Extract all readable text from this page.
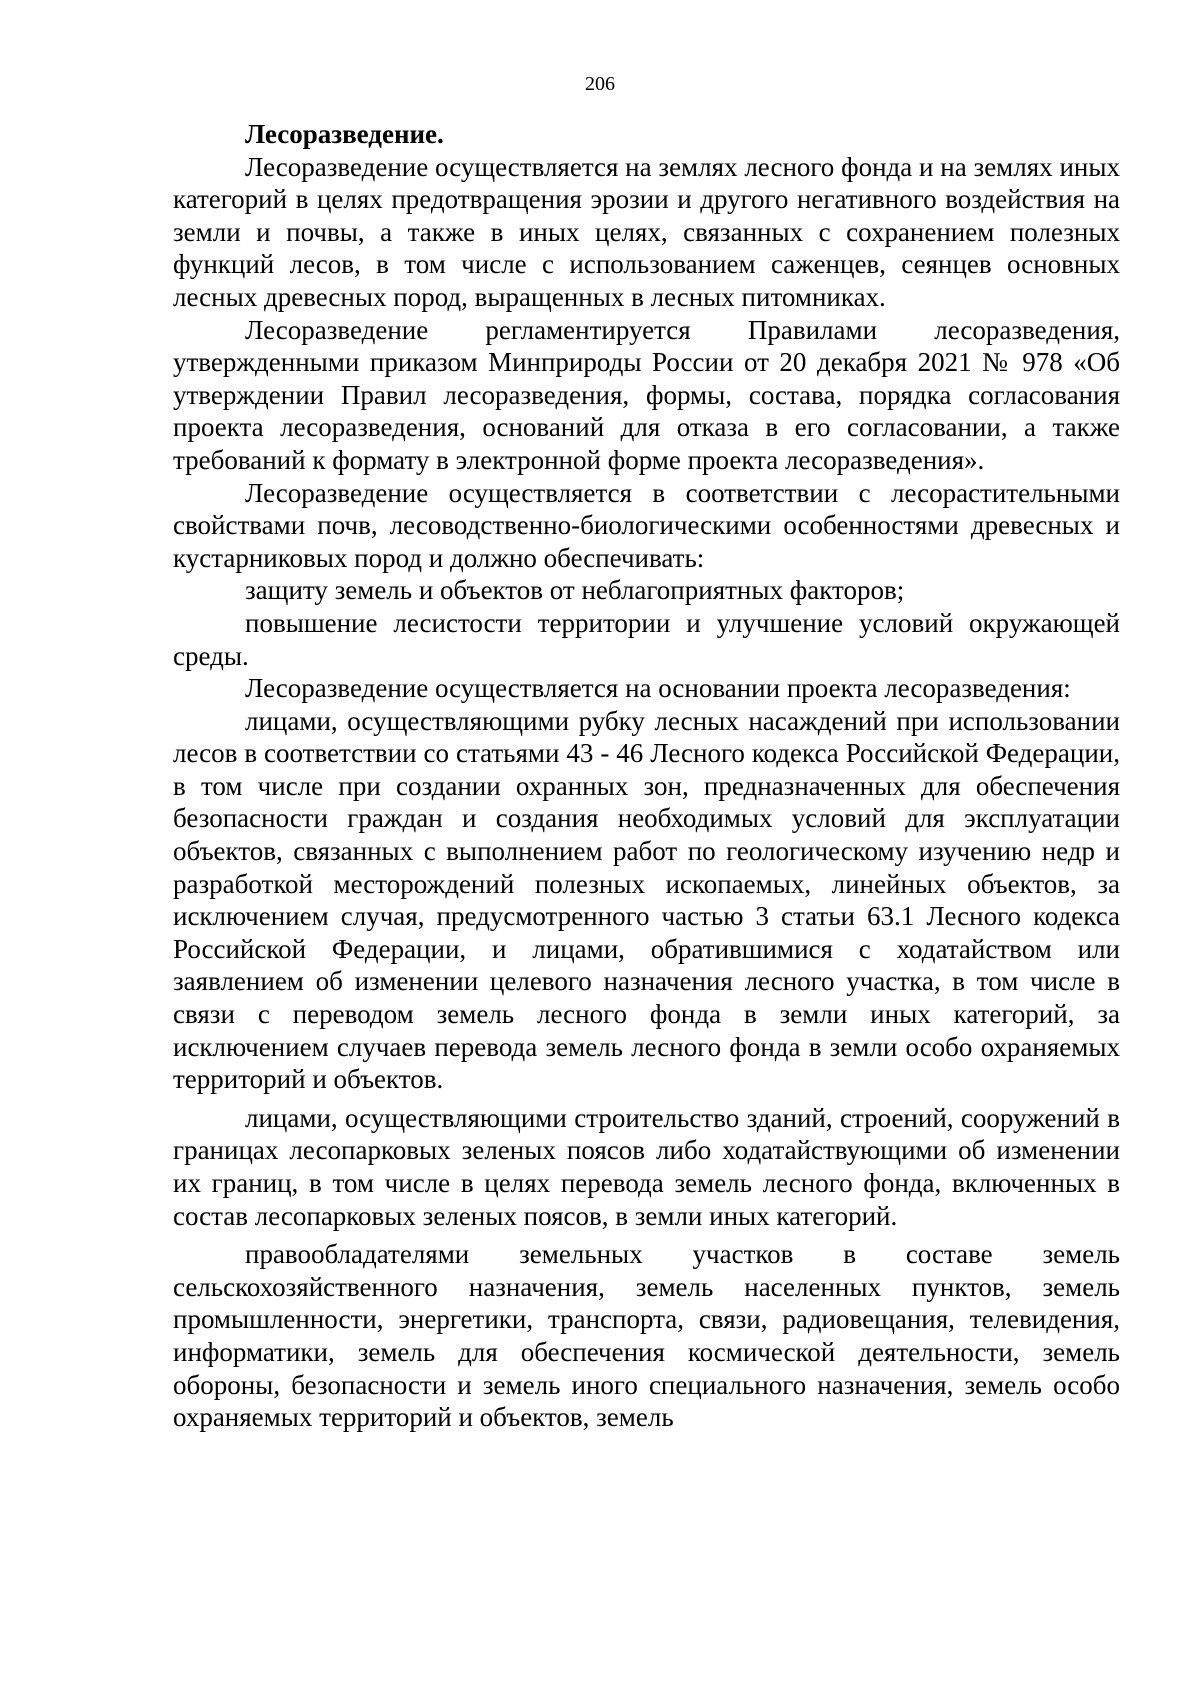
206

Лесоразведение.

Лесоразведение осуществляется на землях лесного фонда и на землях иных категорий в целях предотвращения эрозии и другого негативного воздействия на земли и почвы, а также в иных целях, связанных с сохранением полезных функций лесов, в том числе с использованием саженцев, сеянцев основных лесных древесных пород, выращенных в лесных питомниках.

Лесоразведение регламентируется Правилами лесоразведения, утвержденными приказом Минприроды России от 20 декабря 2021 № 978 «Об утверждении Правил лесоразведения, формы, состава, порядка согласования проекта лесоразведения, оснований для отказа в его согласовании, а также требований к формату в электронной форме проекта лесоразведения».

Лесоразведение осуществляется в соответствии с лесорастительными свойствами почв, лесоводственно-биологическими особенностями древесных и кустарниковых пород и должно обеспечивать:

защиту земель и объектов от неблагоприятных факторов;

повышение лесистости территории и улучшение условий окружающей среды.

Лесоразведение осуществляется на основании проекта лесоразведения:

лицами, осуществляющими рубку лесных насаждений при использовании лесов в соответствии со статьями 43 - 46 Лесного кодекса Российской Федерации, в том числе при создании охранных зон, предназначенных для обеспечения безопасности граждан и создания необходимых условий для эксплуатации объектов, связанных с выполнением работ по геологическому изучению недр и разработкой месторождений полезных ископаемых, линейных объектов, за исключением случая, предусмотренного частью 3 статьи 63.1 Лесного кодекса Российской Федерации, и лицами, обратившимися с ходатайством или заявлением об изменении целевого назначения лесного участка, в том числе в связи с переводом земель лесного фонда в земли иных категорий, за исключением случаев перевода земель лесного фонда в земли особо охраняемых территорий и объектов.

лицами, осуществляющими строительство зданий, строений, сооружений в границах лесопарковых зеленых поясов либо ходатайствующими об изменении их границ, в том числе в целях перевода земель лесного фонда, включенных в состав лесопарковых зеленых поясов, в земли иных категорий.

правообладателями земельных участков в составе земель сельскохозяйственного назначения, земель населенных пунктов, земель промышленности, энергетики, транспорта, связи, радиовещания, телевидения, информатики, земель для обеспечения космической деятельности, земель обороны, безопасности и земель иного специального назначения, земель особо охраняемых территорий и объектов, земель
